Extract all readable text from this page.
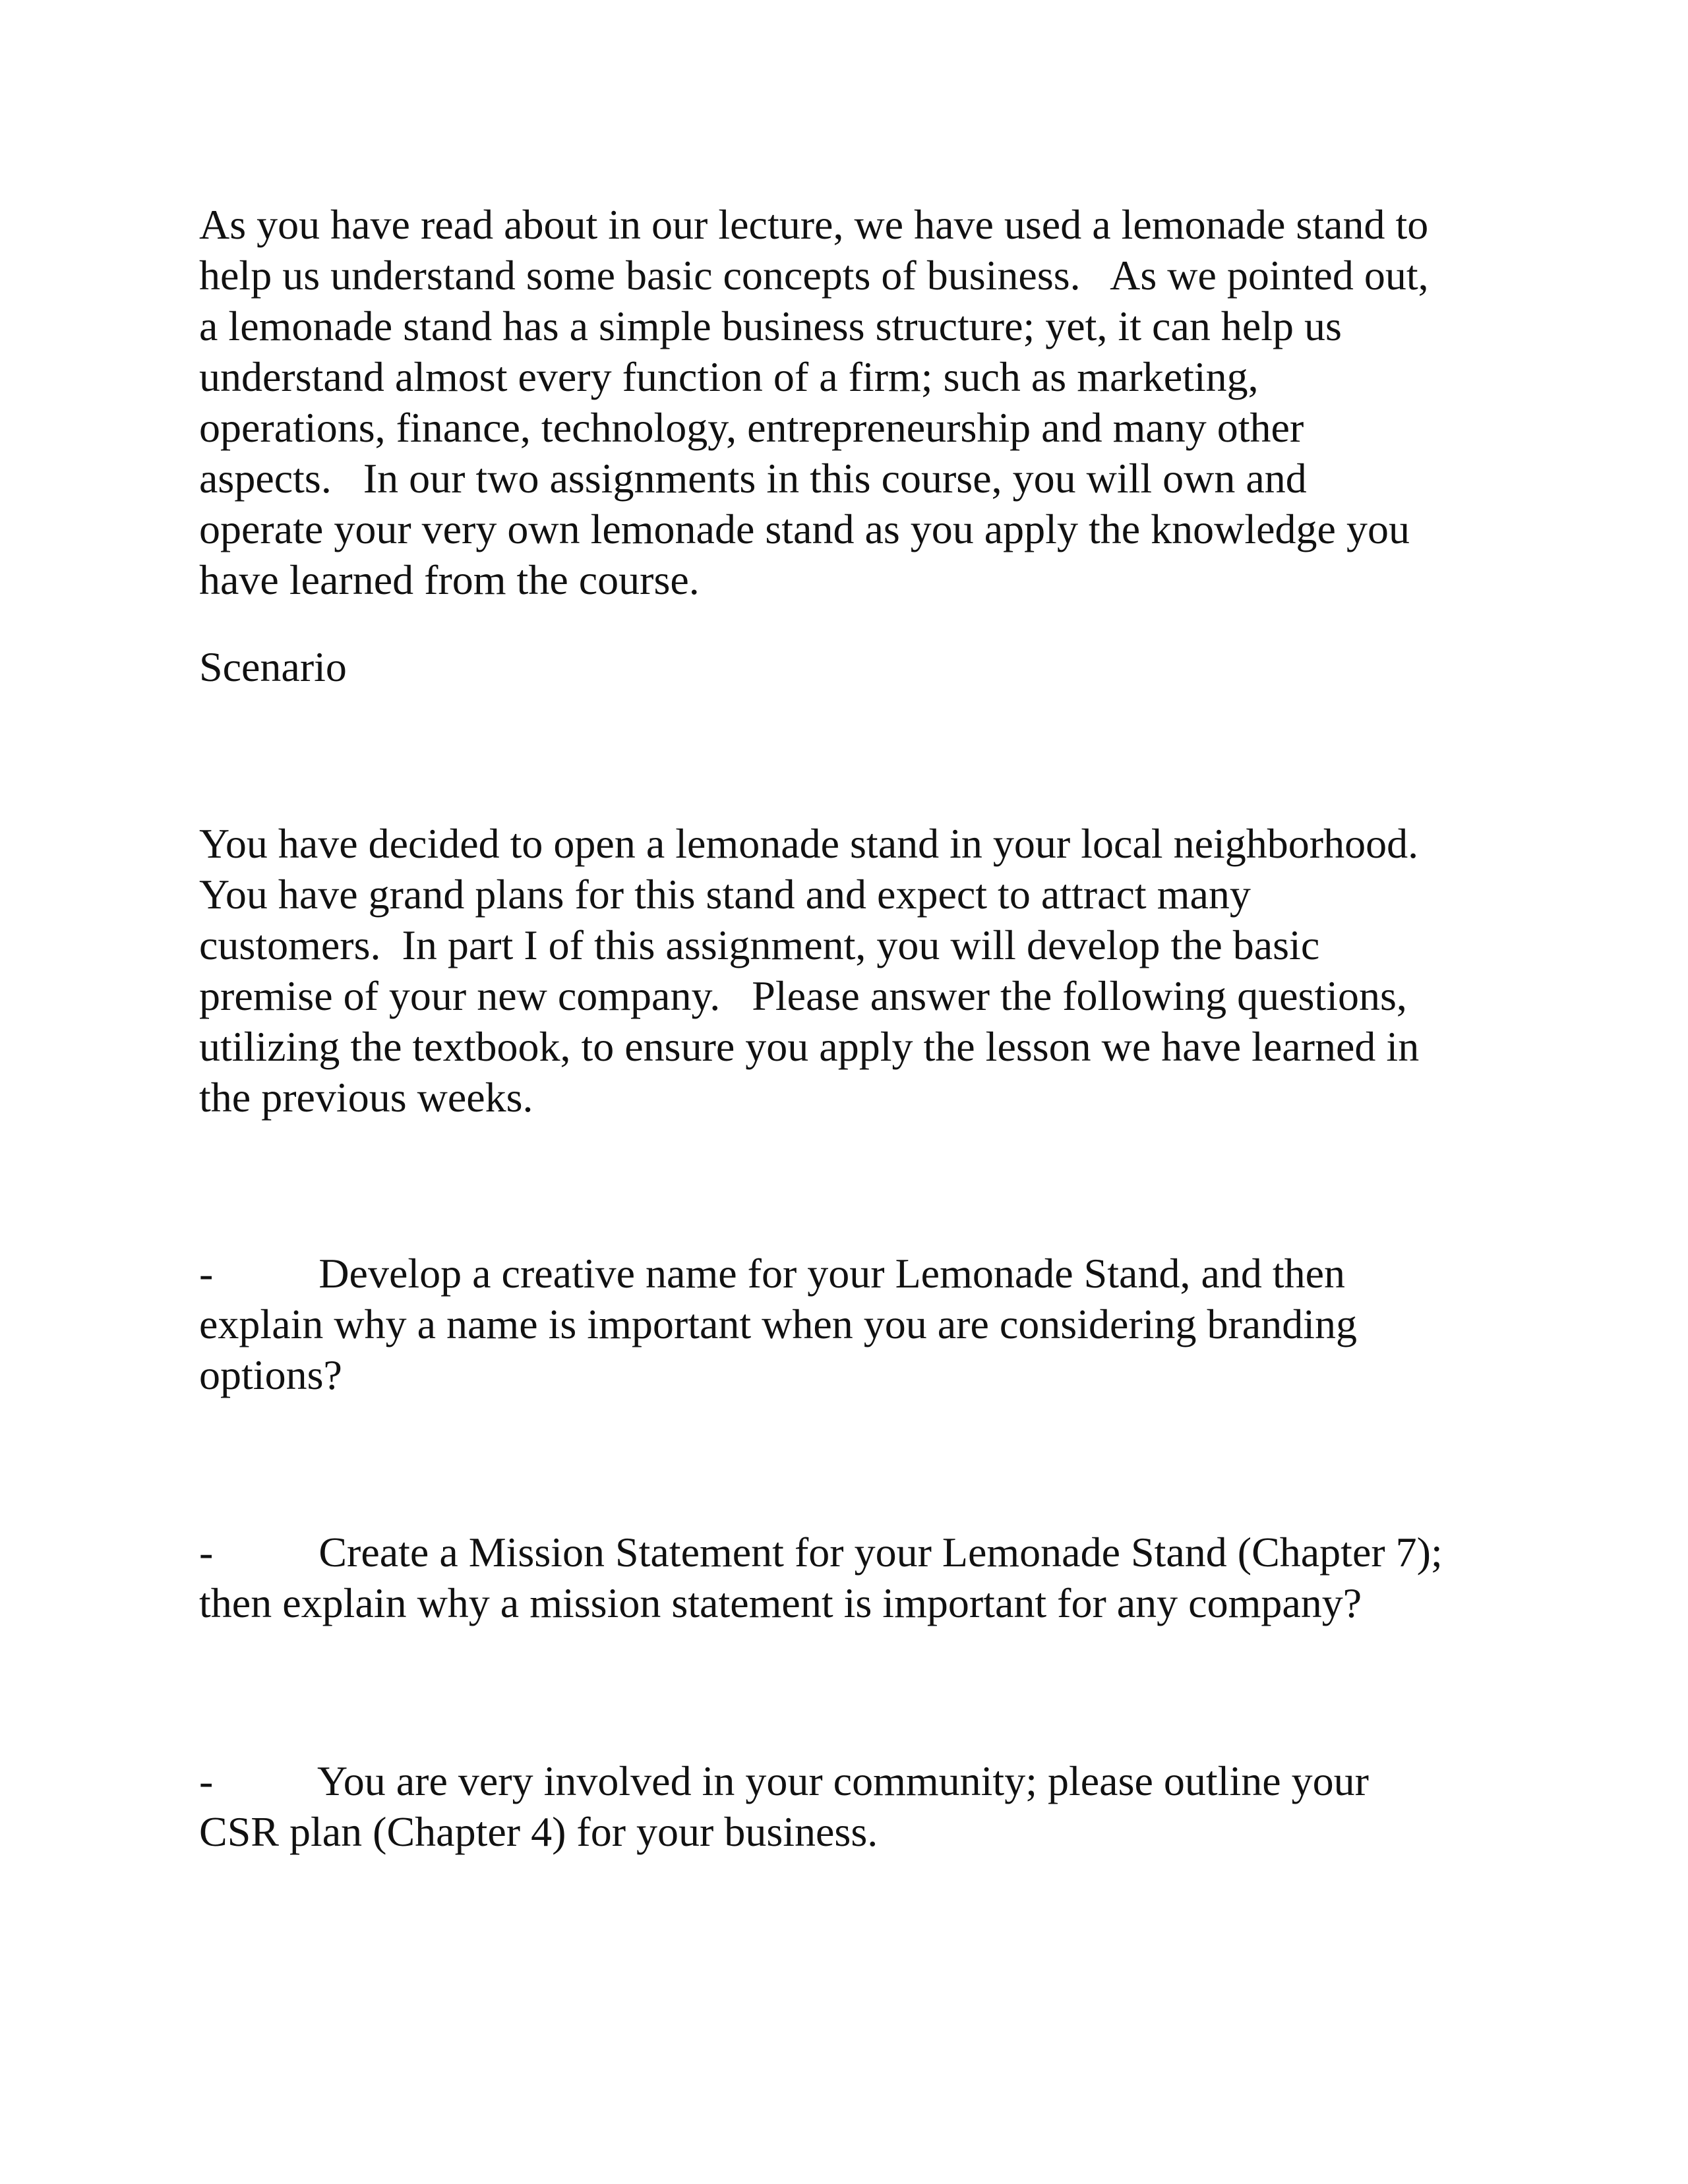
As you have read about in our lecture, we have used a lemonade stand to
help us understand some basic concepts of business.   As we pointed out,
a lemonade stand has a simple business structure; yet, it can help us
understand almost every function of a firm; such as marketing,
operations, finance, technology, entrepreneurship and many other
aspects.   In our two assignments in this course, you will own and
operate your very own lemonade stand as you apply the knowledge you
have learned from the course.

Scenario

You have decided to open a lemonade stand in your local neighborhood.
You have grand plans for this stand and expect to attract many
customers.  In part I of this assignment, you will develop the basic
premise of your new company.   Please answer the following questions,
utilizing the textbook, to ensure you apply the lesson we have learned in
the previous weeks.

-          Develop a creative name for your Lemonade Stand, and then
explain why a name is important when you are considering branding
options?

-          Create a Mission Statement for your Lemonade Stand (Chapter 7);
then explain why a mission statement is important for any company?

-          You are very involved in your community; please outline your
CSR plan (Chapter 4) for your business.
